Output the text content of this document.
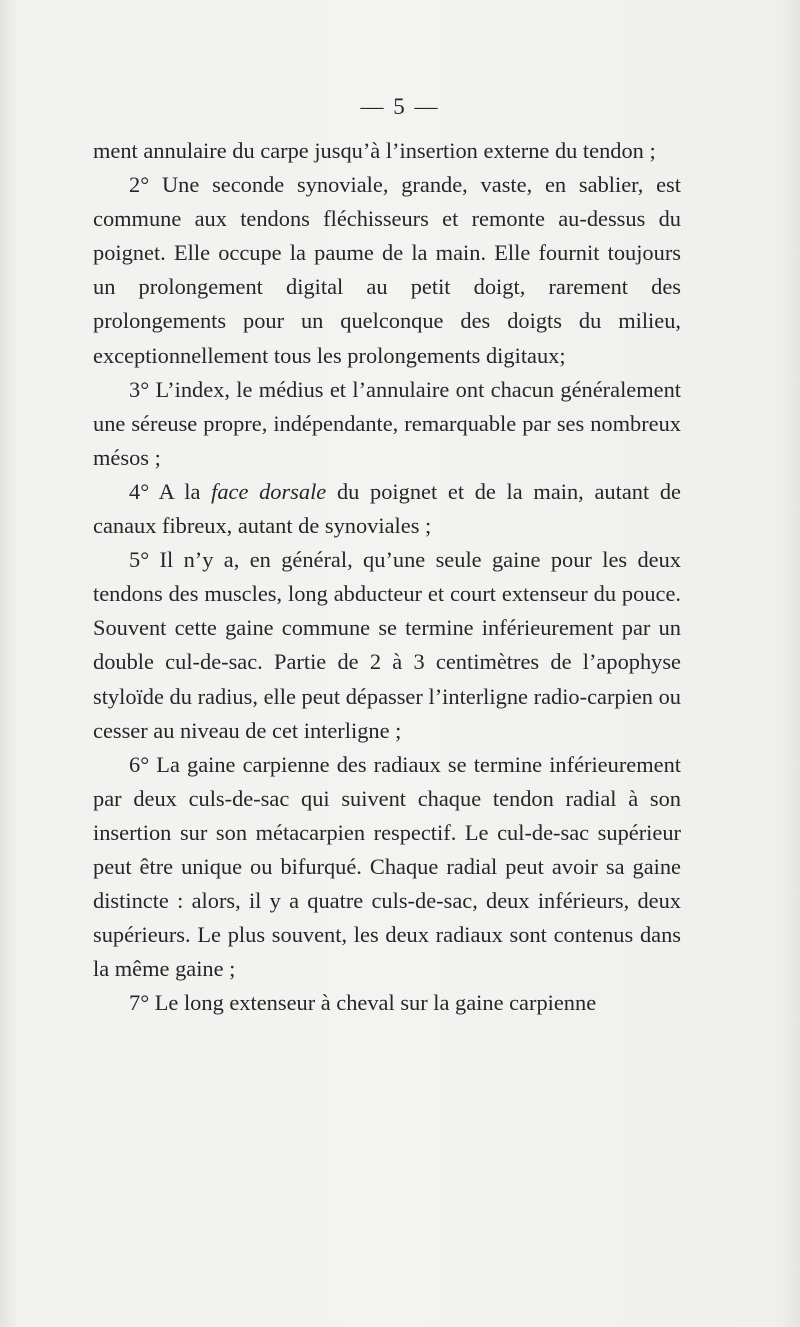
— 5 —

ment annulaire du carpe jusqu’à l’insertion externe du tendon ;

2° Une seconde synoviale, grande, vaste, en sablier, est commune aux tendons fléchisseurs et remonte au-dessus du poignet. Elle occupe la paume de la main. Elle fournit toujours un prolongement digital au petit doigt, rarement des prolongements pour un quelconque des doigts du milieu, exceptionnellement tous les prolongements digitaux;

3° L’index, le médius et l’annulaire ont chacun généralement une séreuse propre, indépendante, remarquable par ses nombreux mésos ;

4° A la face dorsale du poignet et de la main, autant de canaux fibreux, autant de synoviales ;

5° Il n’y a, en général, qu’une seule gaine pour les deux tendons des muscles, long abducteur et court extenseur du pouce. Souvent cette gaine commune se termine inférieurement par un double cul-de-sac. Partie de 2 à 3 centimètres de l’apophyse styloïde du radius, elle peut dépasser l’interligne radio-carpien ou cesser au niveau de cet interligne ;

6° La gaine carpienne des radiaux se termine inférieurement par deux culs-de-sac qui suivent chaque tendon radial à son insertion sur son métacarpien respectif. Le cul-de-sac supérieur peut être unique ou bifurqué. Chaque radial peut avoir sa gaine distincte : alors, il y a quatre culs-de-sac, deux inférieurs, deux supérieurs. Le plus souvent, les deux radiaux sont contenus dans la même gaine ;

7° Le long extenseur à cheval sur la gaine carpienne
